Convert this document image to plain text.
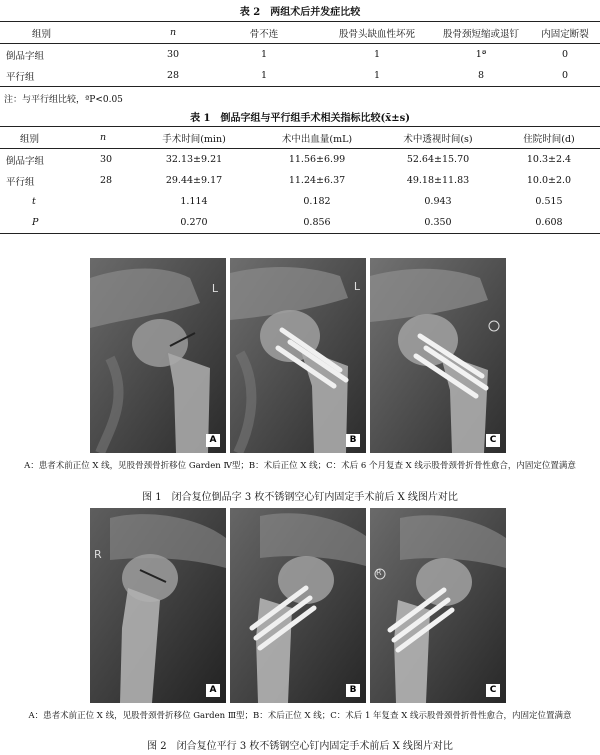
表 2　两组术后并发症比较
组别	n	骨不连	股骨头缺血性坏死	股骨颈短缩或退钉	内固定断裂
倒品字组	30	1	1	1ª	0
平行组	28	1	1	8	0
注：与平行组比较，ªP<0.05
表 1　倒品字组与平行组手术相关指标比较(x̄±s)
组别	n	手术时间(min)	术中出血量(mL)	术中透视时间(s)	住院时间(d)
倒品字组	30	32.13±9.21	11.56±6.99	52.64±15.70	10.3±2.4
平行组	28	29.44±9.17	11.24±6.37	49.18±11.83	10.0±2.0
t		1.114	0.182	0.943	0.515
P		0.270	0.856	0.350	0.608
L
A
L
B	C
A：患者术前正位 X 线，见股骨颈骨折移位 Garden Ⅳ型；B：术后正位 X 线；C：术后 6 个月复查 X 线示股骨颈骨折骨性愈合，内固定位置满意
图 1　闭合复位倒品字 3 枚不锈钢空心钉内固定手术前后 X 线图片对比
R
A	B
R
C
A：患者术前正位 X 线，见股骨颈骨折移位 Garden Ⅲ型；B：术后正位 X 线；C：术后 1 年复查 X 线示股骨颈骨折骨性愈合，内固定位置满意
图 2　闭合复位平行 3 枚不锈钢空心钉内固定手术前后 X 线图片对比
